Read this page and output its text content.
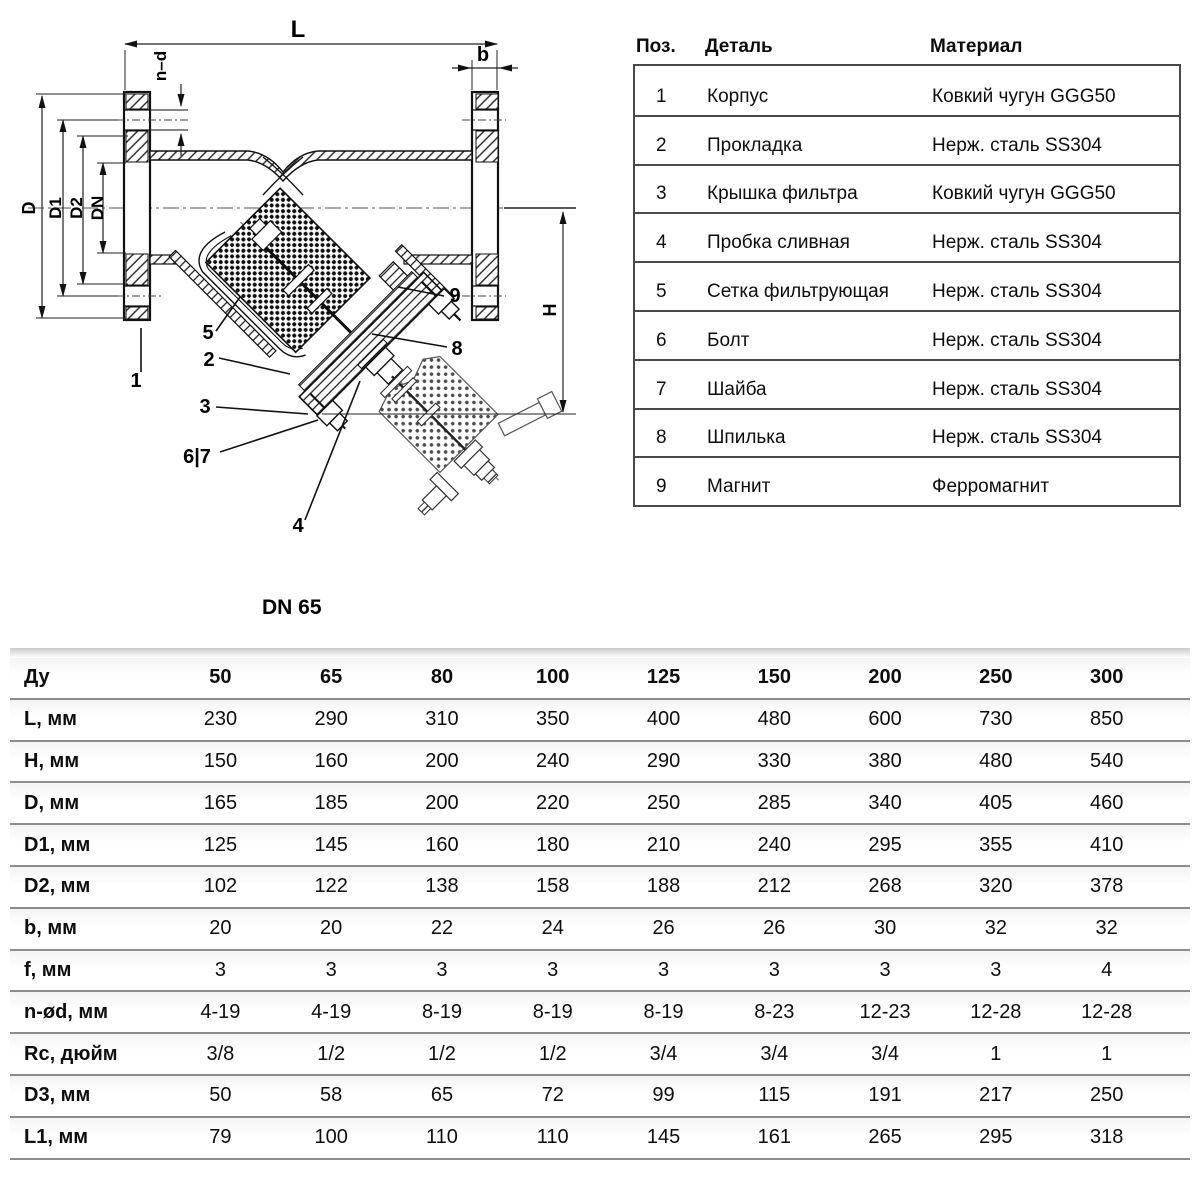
L
b
n–d
D D1 D2 DN
H
1
2
3
4
5
6|7
8
9
DN 65
Поз.	Деталь	Материал
1	Корпус	Ковкий чугун GGG50
2	Прокладка	Нерж. сталь SS304
3	Крышка фильтра	Ковкий чугун GGG50
4	Пробка сливная	Нерж. сталь SS304
5	Сетка фильтрующая	Нерж. сталь SS304
6	Болт	Нерж. сталь SS304
7	Шайба	Нерж. сталь SS304
8	Шпилька	Нерж. сталь SS304
9	Магнит	Ферромагнит
Ду	50	65	80	100	125	150	200	250	300
L, мм	230	290	310	350	400	480	600	730	850
H, мм	150	160	200	240	290	330	380	480	540
D, мм	165	185	200	220	250	285	340	405	460
D1, мм	125	145	160	180	210	240	295	355	410
D2, мм	102	122	138	158	188	212	268	320	378
b, мм	20	20	22	24	26	26	30	32	32
f, мм	3	3	3	3	3	3	3	3	4
n-ød, мм	4-19	4-19	8-19	8-19	8-19	8-23	12-23	12-28	12-28
Rc, дюйм	3/8	1/2	1/2	1/2	3/4	3/4	3/4	1	1
D3, мм	50	58	65	72	99	115	191	217	250
L1, мм	79	100	110	110	145	161	265	295	318
